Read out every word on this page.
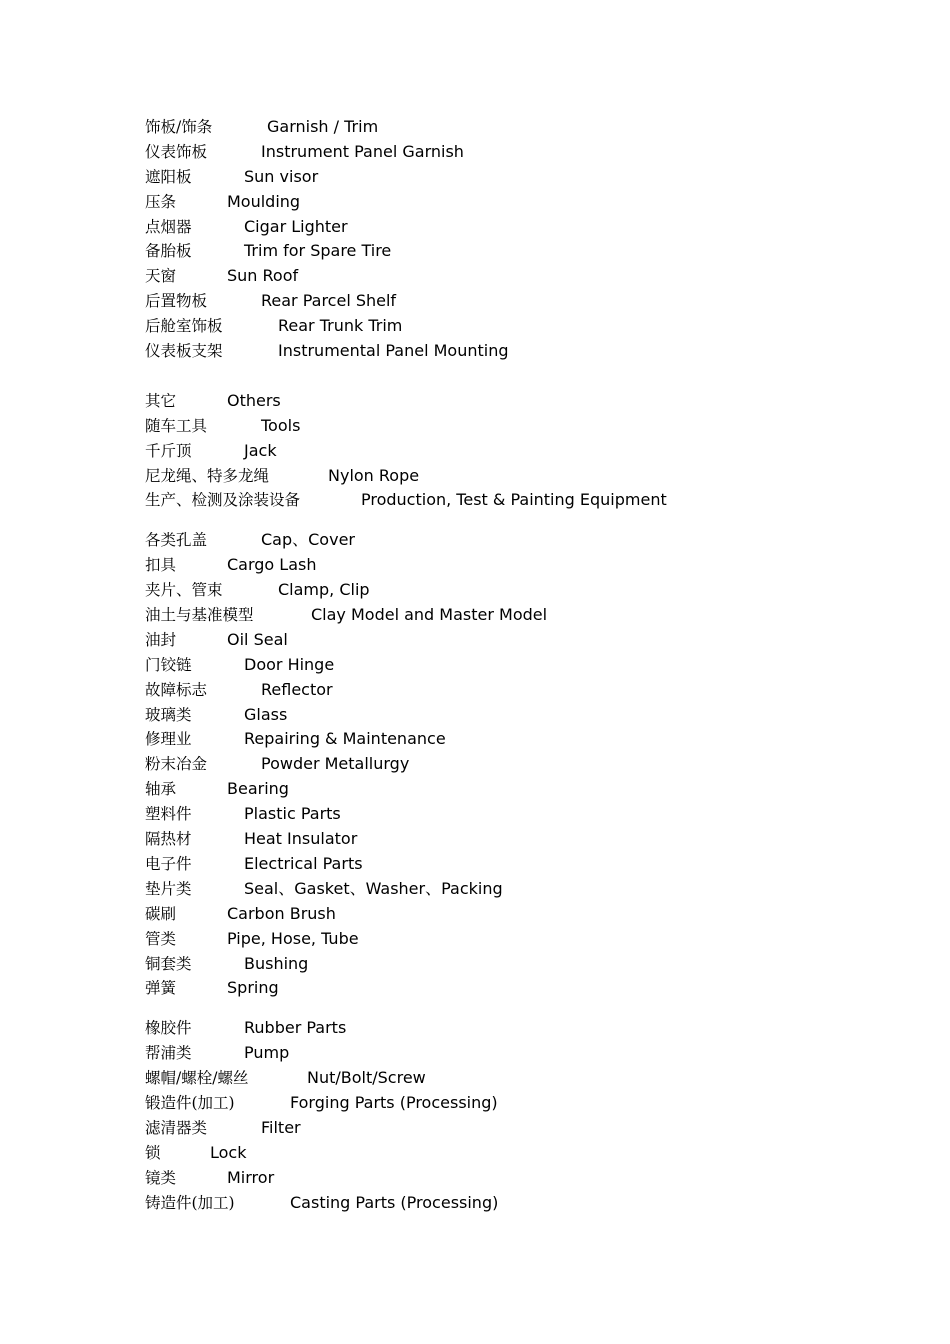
饰板/饰条	Garnish / Trim
仪表饰板	Instrument Panel Garnish
遮阳板	Sun visor
压条	Moulding
点烟器	Cigar Lighter
备胎板	Trim for Spare Tire
天窗	Sun Roof
后置物板	Rear Parcel Shelf
后舱室饰板	Rear Trunk Trim
仪表板支架	Instrumental Panel Mounting
其它	Others
随车工具	Tools
千斤顶	Jack
尼龙绳、特多龙绳	Nylon Rope
生产、检测及涂装设备	Production, Test & Painting Equipment
各类孔盖	Cap、Cover
扣具	Cargo Lash
夹片、管束	Clamp, Clip
油土与基准模型	Clay Model and Master Model
油封	Oil Seal
门铰链	Door Hinge
故障标志	Reflector
玻璃类	Glass
修理业	Repairing & Maintenance
粉末冶金	Powder Metallurgy
轴承	Bearing
塑料件	Plastic Parts
隔热材	Heat Insulator
电子件	Electrical Parts
垫片类	Seal、Gasket、Washer、Packing
碳刷	Carbon Brush
管类	Pipe, Hose, Tube
铜套类	Bushing
弹簧	Spring
橡胶件	Rubber Parts
帮浦类	Pump
螺帽/螺栓/螺丝	Nut/Bolt/Screw
锻造件(加工)	Forging Parts (Processing)
滤清器类	Filter
锁	Lock
镜类	Mirror
铸造件(加工)	Casting Parts (Processing)
